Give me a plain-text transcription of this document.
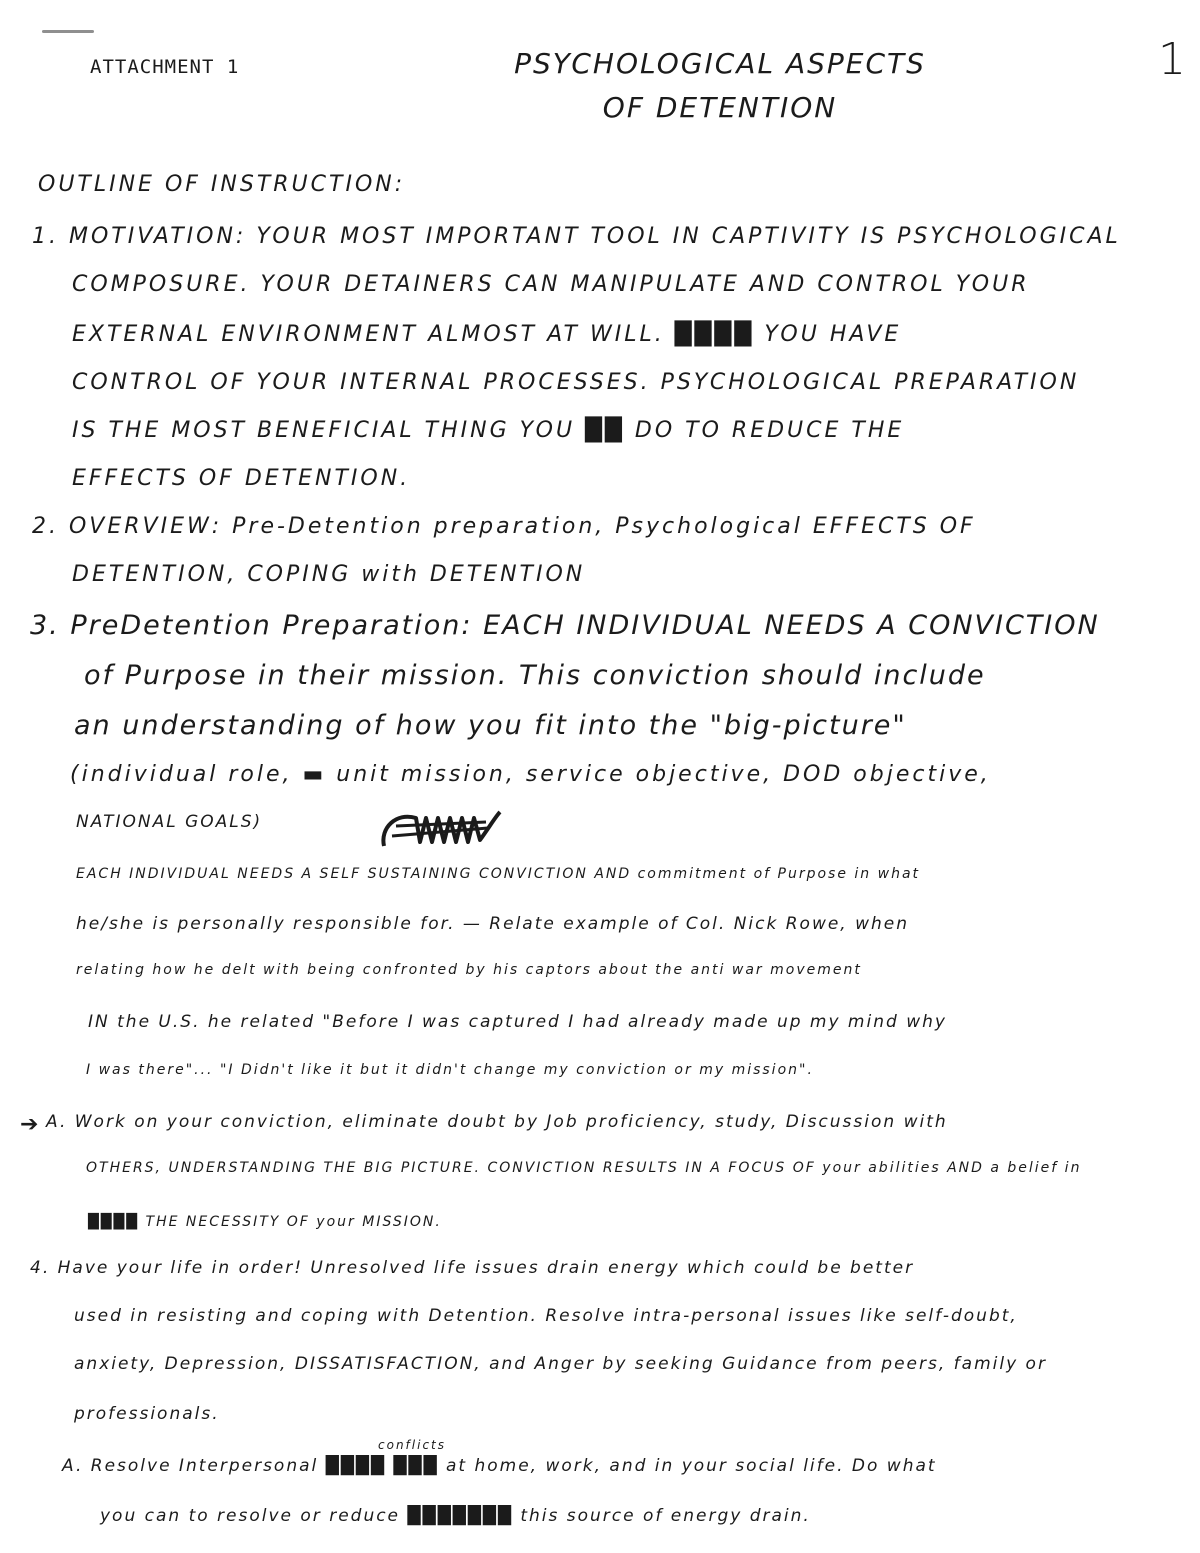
ATTACHMENT 1	PSYCHOLOGICAL ASPECTS
OF DETENTION
1
OUTLINE OF INSTRUCTION:
1. MOTIVATION: YOUR MOST IMPORTANT TOOL IN CAPTIVITY IS PSYCHOLOGICAL
COMPOSURE. YOUR DETAINERS CAN MANIPULATE AND CONTROL YOUR
EXTERNAL ENVIRONMENT ALMOST AT WILL. ████ YOU HAVE
CONTROL OF YOUR INTERNAL PROCESSES. PSYCHOLOGICAL PREPARATION
IS THE MOST BENEFICIAL THING YOU ██ DO TO REDUCE THE
EFFECTS OF DETENTION.
2. OVERVIEW: Pre-Detention preparation, Psychological EFFECTS OF
DETENTION, COPING with DETENTION
3. PreDetention Preparation: EACH INDIVIDUAL NEEDS A CONVICTION
of Purpose in their mission. This conviction should include
an understanding of how you fit into the "big-picture"
(individual role, ▬ unit mission, service objective, DOD objective,
NATIONAL GOALS)
EACH INDIVIDUAL NEEDS A SELF SUSTAINING CONVICTION AND commitment of Purpose in what
he/she is personally responsible for. — Relate example of Col. Nick Rowe, when
relating how he delt with being confronted by his captors about the anti war movement
IN the U.S. he related "Before I was captured I had already made up my mind why
I was there"... "I Didn't like it but it didn't change my conviction or my mission".
➔ A. Work on your conviction, eliminate doubt by Job proficiency, study, Discussion with
OTHERS, UNDERSTANDING THE BIG PICTURE. CONVICTION RESULTS IN A FOCUS OF your abilities AND a belief in
████ THE NECESSITY OF your MISSION.
4. Have your life in order! Unresolved life issues drain energy which could be better
used in resisting and coping with Detention. Resolve intra-personal issues like self-doubt,
anxiety, Depression, DISSATISFACTION, and Anger by seeking Guidance from peers, family or
professionals.
conflicts
A. Resolve Interpersonal ████ ███ at home, work, and in your social life. Do what
you can to resolve or reduce ███████ this source of energy drain.
